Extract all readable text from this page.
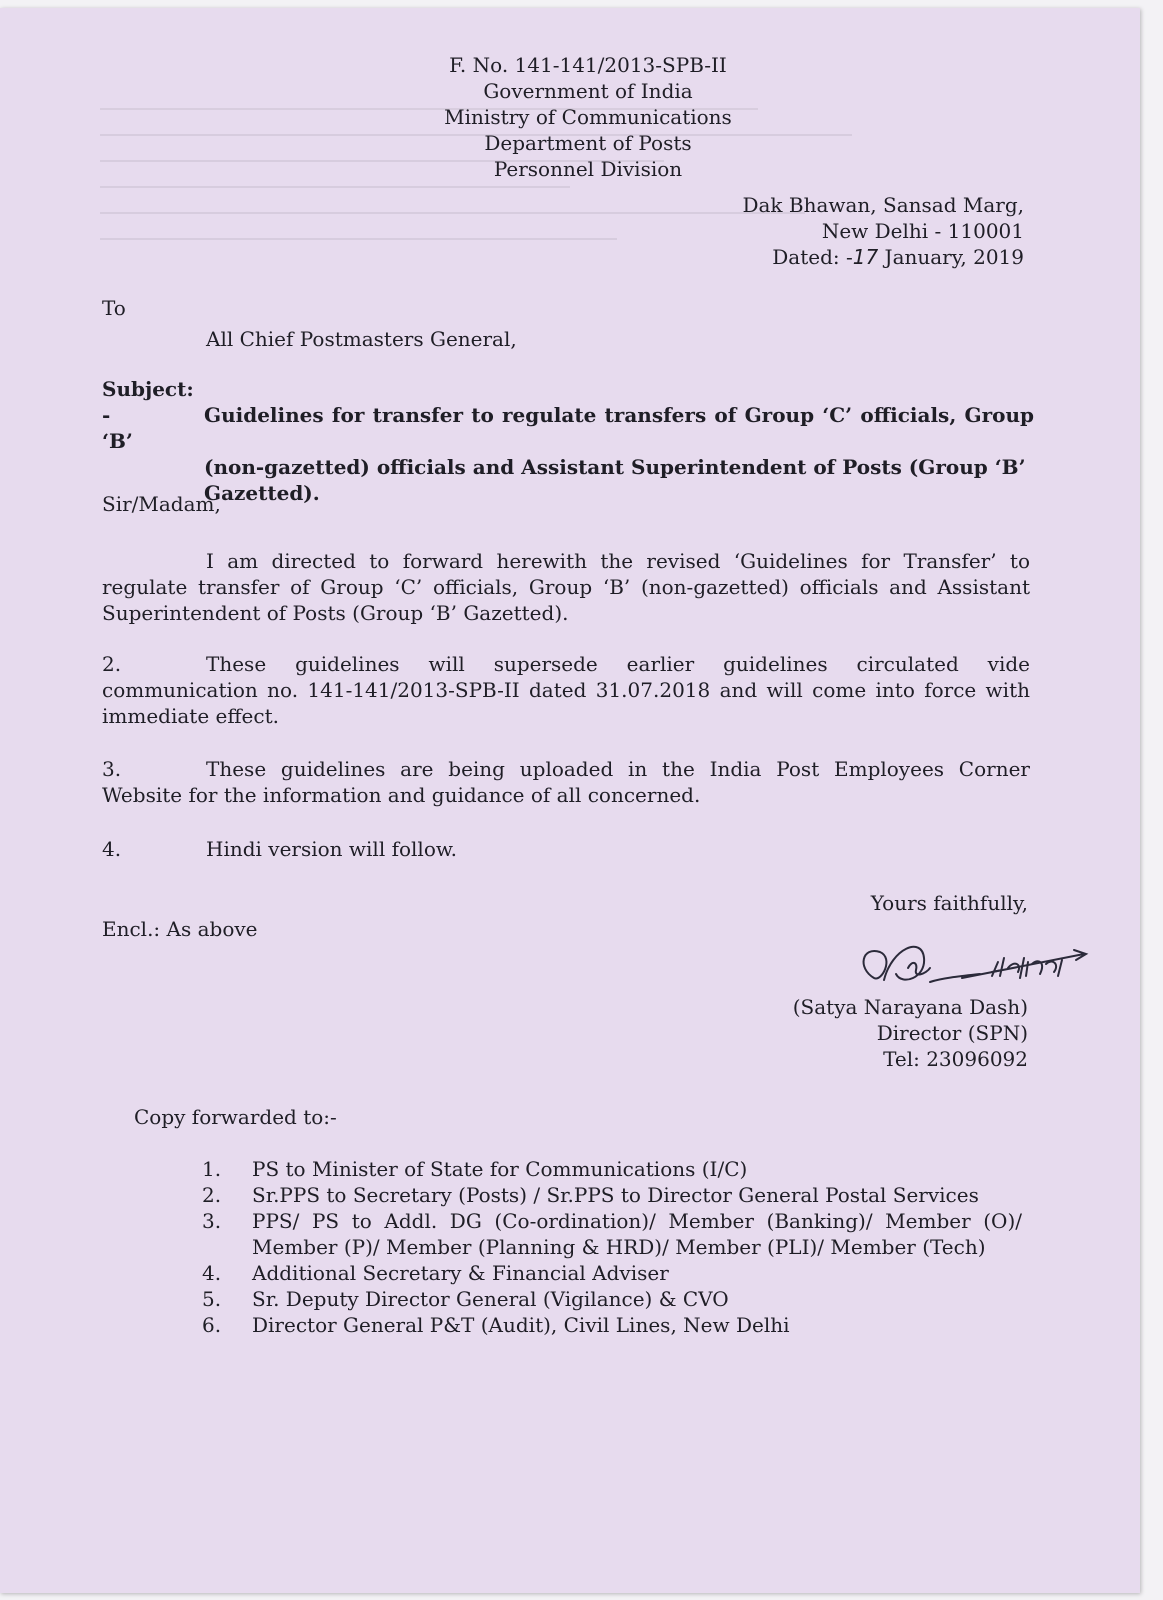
F. No. 141-141/2013-SPB-II
Government of India
Ministry of Communications
Department of Posts
Personnel Division
Dak Bhawan, Sansad Marg,
New Delhi - 110001
Dated: -17 January, 2019
To
All Chief Postmasters General,
Subject: -	Guidelines for transfer to regulate transfers of Group ‘C’ officials, Group ‘B’
(non-gazetted) officials and Assistant Superintendent of Posts (Group ‘B’
Gazetted).
Sir/Madam,
I am directed to forward herewith the revised ‘Guidelines for Transfer’ to regulate transfer of Group ‘C’ officials, Group ‘B’ (non-gazetted) officials and Assistant Superintendent of Posts (Group ‘B’ Gazetted).
2.	These guidelines will supersede earlier guidelines circulated vide communication no. 141-141/2013-SPB-II dated 31.07.2018 and will come into force with immediate effect.
3.	These guidelines are being uploaded in the India Post Employees Corner Website for the information and guidance of all concerned.
4.	Hindi version will follow.
Yours faithfully,
Encl.: As above
(Satya Narayana Dash)
Director (SPN)
Tel: 23096092
Copy forwarded to:-
1.	PS to Minister of State for Communications (I/C)
2.	Sr.PPS to Secretary (Posts) / Sr.PPS to Director General Postal Services
3.	PPS/ PS to Addl. DG (Co-ordination)/ Member (Banking)/ Member (O)/ Member (P)/ Member (Planning & HRD)/ Member (PLI)/ Member (Tech)
4.	Additional Secretary & Financial Adviser
5.	Sr. Deputy Director General (Vigilance) & CVO
6.	Director General P&T (Audit), Civil Lines, New Delhi
